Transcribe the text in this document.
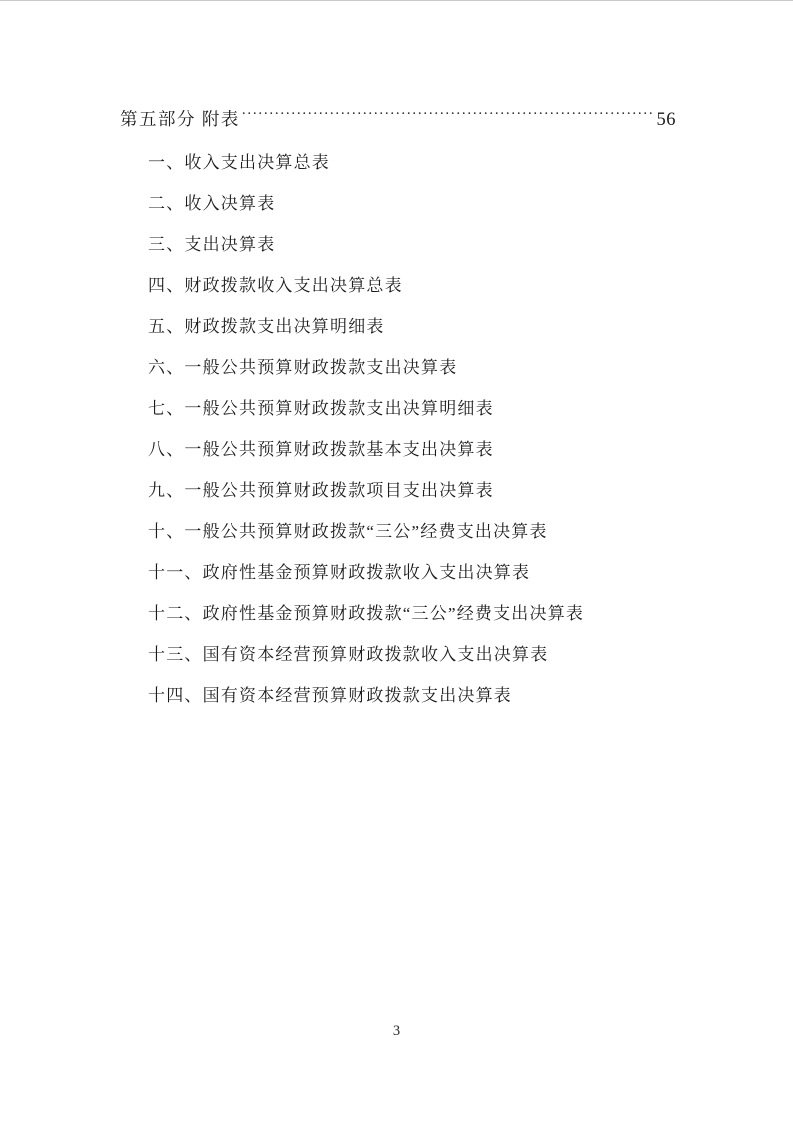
第五部分 附表 . . .	56
一、收入支出决算总表
二、收入决算表
三、支出决算表
四、财政拨款收入支出决算总表
五、财政拨款支出决算明细表
六、一般公共预算财政拨款支出决算表
七、一般公共预算财政拨款支出决算明细表
八、一般公共预算财政拨款基本支出决算表
九、一般公共预算财政拨款项目支出决算表
十、一般公共预算财政拨款“三公”经费支出决算表
十一、政府性基金预算财政拨款收入支出决算表
十二、政府性基金预算财政拨款“三公”经费支出决算表
十三、国有资本经营预算财政拨款收入支出决算表
十四、国有资本经营预算财政拨款支出决算表
3
